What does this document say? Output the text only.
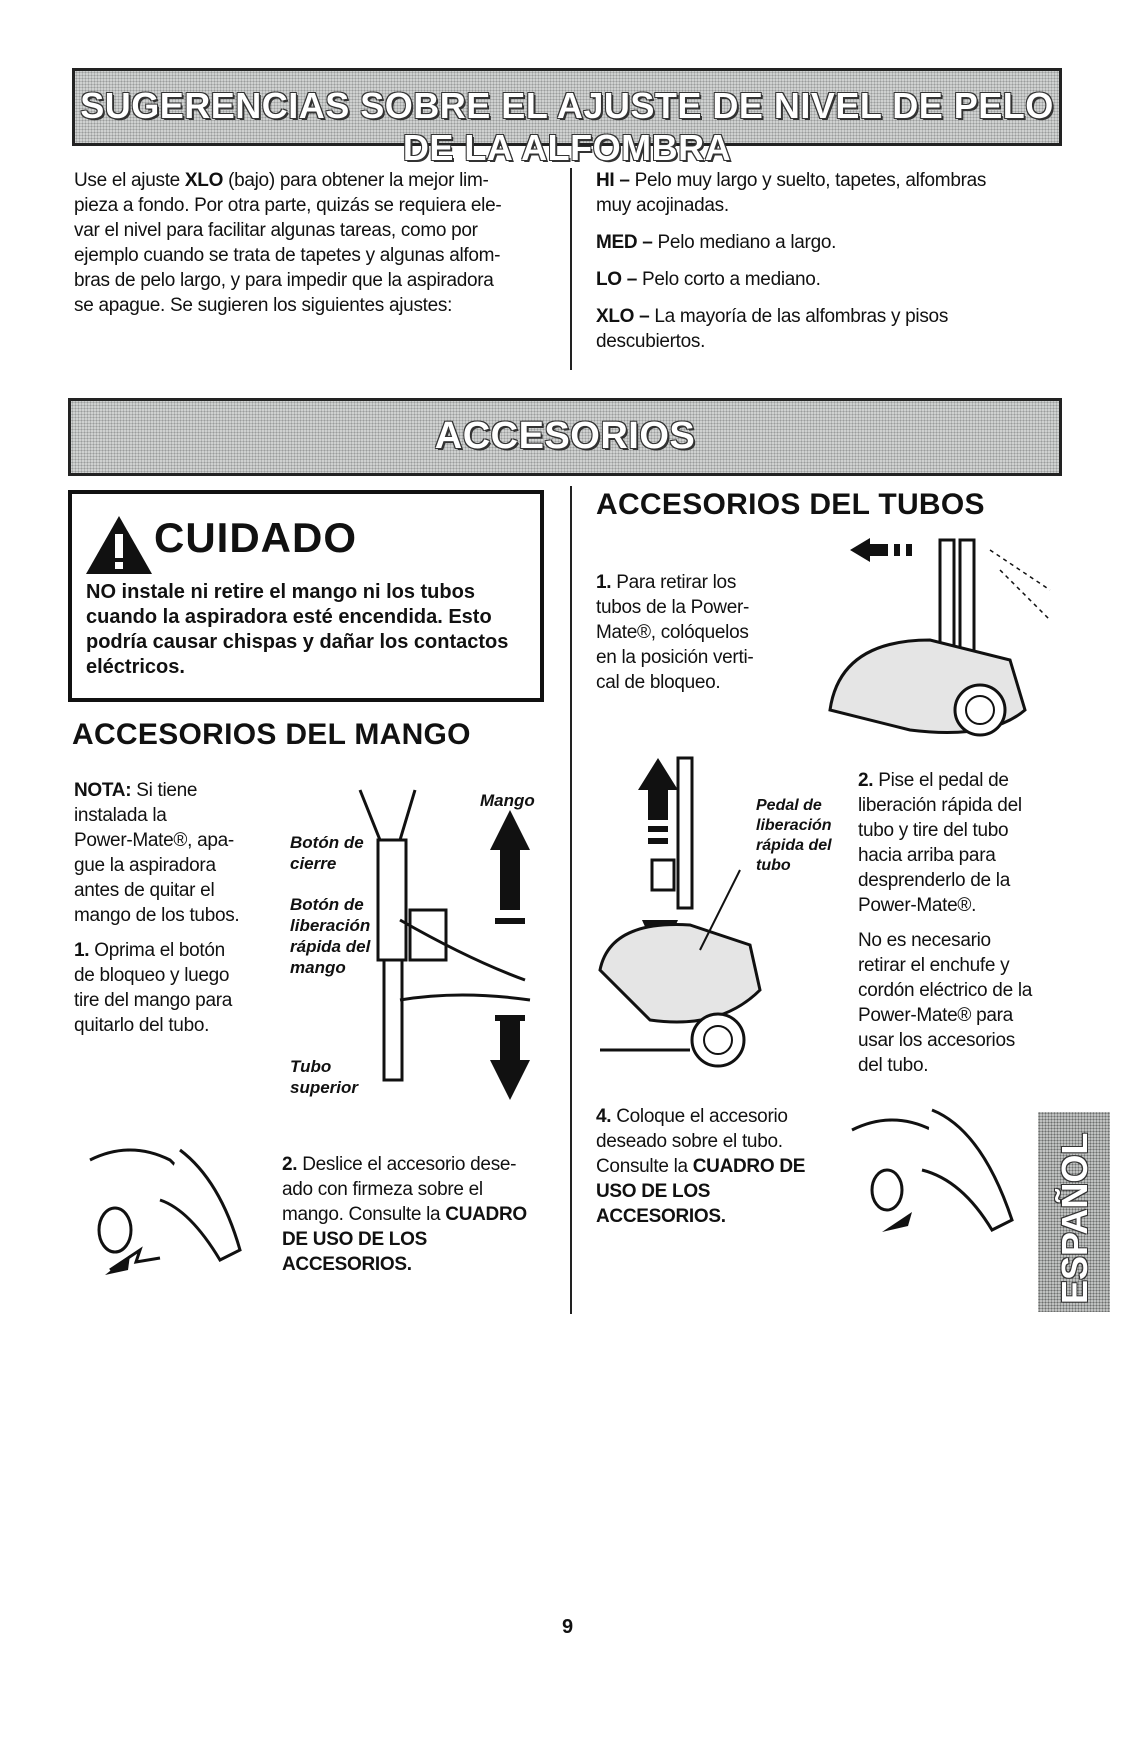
SUGERENCIAS SOBRE EL AJUSTE DE NIVEL DE PELO DE LA ALFOMBRA
Use el ajuste XLO (bajo) para obtener la mejor lim-
pieza a fondo. Por otra parte, quizás se requiera ele-
var el nivel para facilitar algunas tareas, como por
ejemplo cuando se trata de tapetes y algunas alfom-
bras de pelo largo, y para impedir que la aspiradora
se apague. Se sugieren los siguientes ajustes:
HI – Pelo muy largo y suelto, tapetes, alfombras
muy acojinadas.
MED – Pelo mediano a largo.
LO – Pelo corto a mediano.
XLO – La mayoría de las alfombras y pisos
descubiertos.
ACCESORIOS
CUIDADO
NO instale ni retire el mango ni los tubos
cuando la aspiradora esté encendida. Esto
podría causar chispas y dañar los contactos
eléctricos.
ACCESORIOS DEL MANGO
NOTA: Si tiene
instalada la
Power-Mate®, apa-
gue la aspiradora
antes de quitar el
mango de los tubos.
1. Oprima el botón
de bloqueo y luego
tire del mango para
quitarlo del tubo.
Mango
Botón de
cierre
Botón de
liberación
rápida del
mango
Tubo
superior
2. Deslice el accesorio dese-
ado con firmeza sobre el
mango. Consulte la CUADRO
DE USO DE LOS
ACCESORIOS.
ACCESORIOS DEL TUBOS
1. Para retirar los
tubos de la Power-
Mate®, colóquelos
en la posición verti-
cal de bloqueo.
Pedal de
liberación
rápida del
tubo
2. Pise el pedal de
liberación rápida del
tubo y tire del tubo
hacia arriba para
desprenderlo de la
Power-Mate®.
No es necesario
retirar el enchufe y
cordón eléctrico de la
Power-Mate® para
usar los accesorios
del tubo.
4. Coloque el accesorio
deseado sobre el tubo.
Consulte la CUADRO DE
USO DE LOS
ACCESORIOS.	ESPAÑOL
9
